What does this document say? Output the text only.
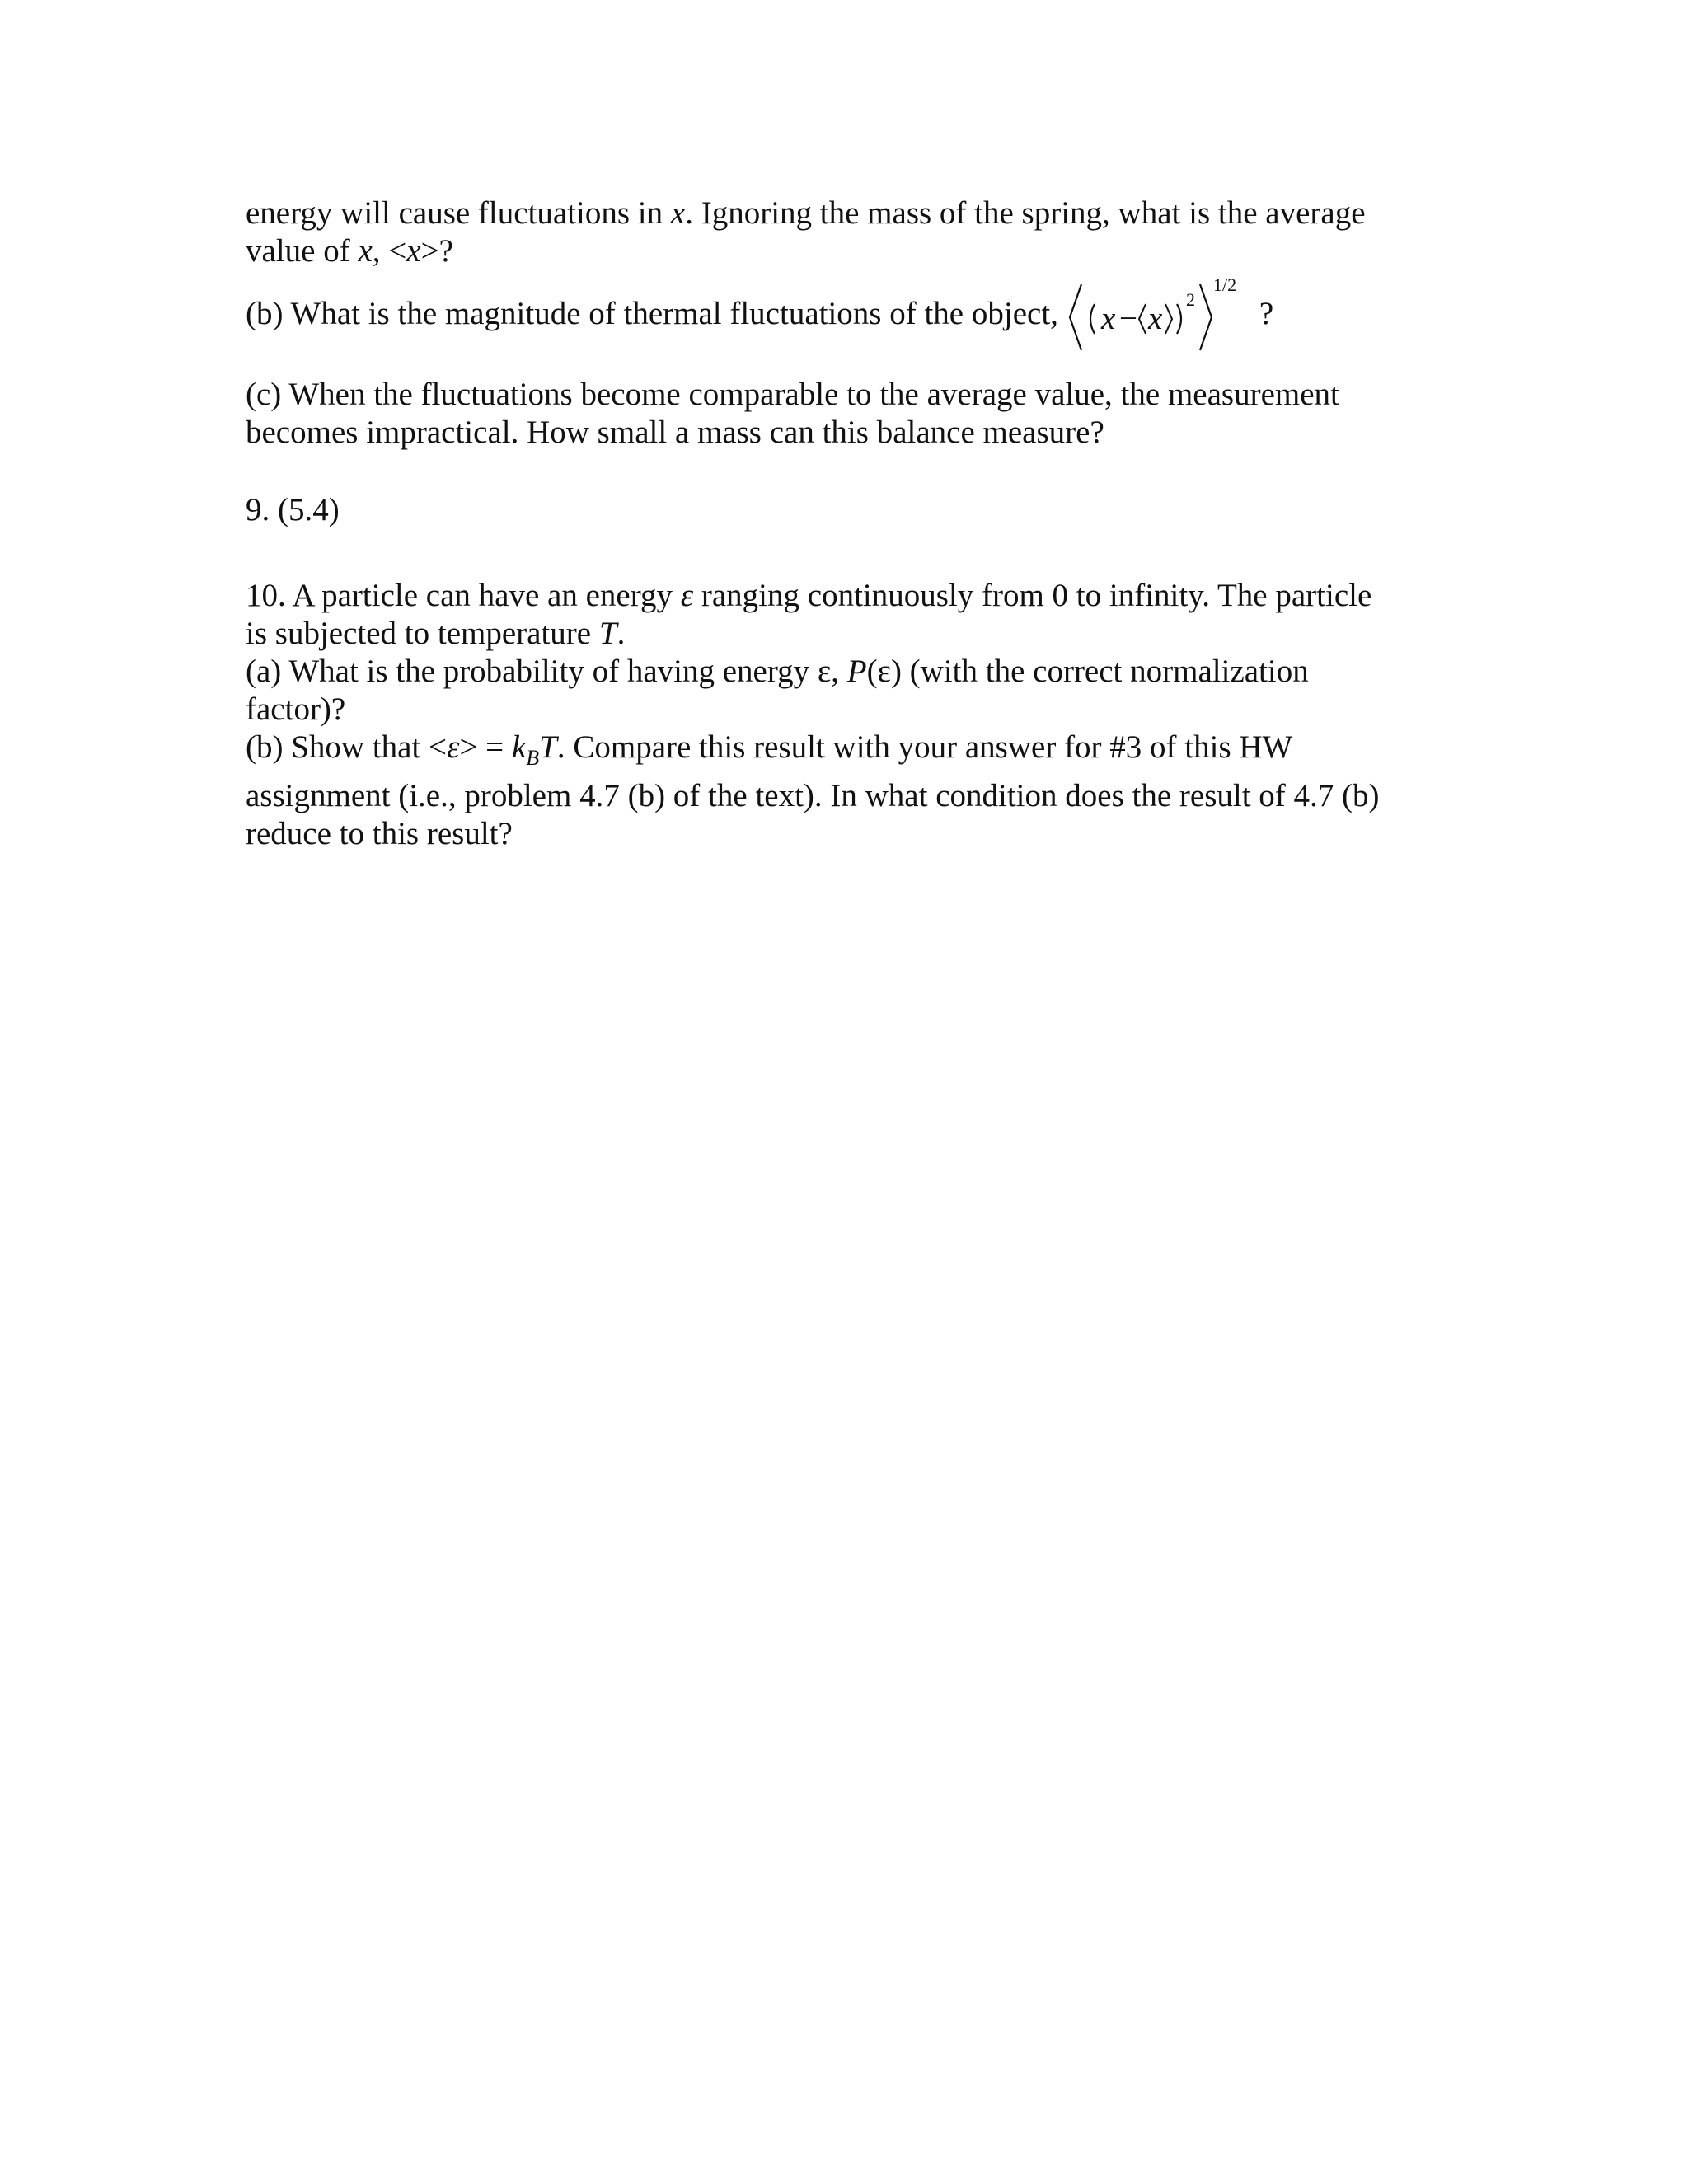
energy will cause fluctuations in x. Ignoring the mass of the spring, what is the average
value of x, <x>?
(b) What is the magnitude of thermal fluctuations of the object, x − x
2
1/2
?
(c) When the fluctuations become comparable to the average value, the measurement
becomes impractical. How small a mass can this balance measure?
9. (5.4)
10. A particle can have an energy ε ranging continuously from 0 to infinity. The particle
is subjected to temperature T.
(a) What is the probability of having energy ε, P(ε) (with the correct normalization
factor)?
(b) Show that $<\varepsilon> = k_BT$. Compare this result with your answer for #3 of this HW
assignment (i.e., problem 4.7 (b) of the text). In what condition does the result of 4.7 (b)
reduce to this result?
